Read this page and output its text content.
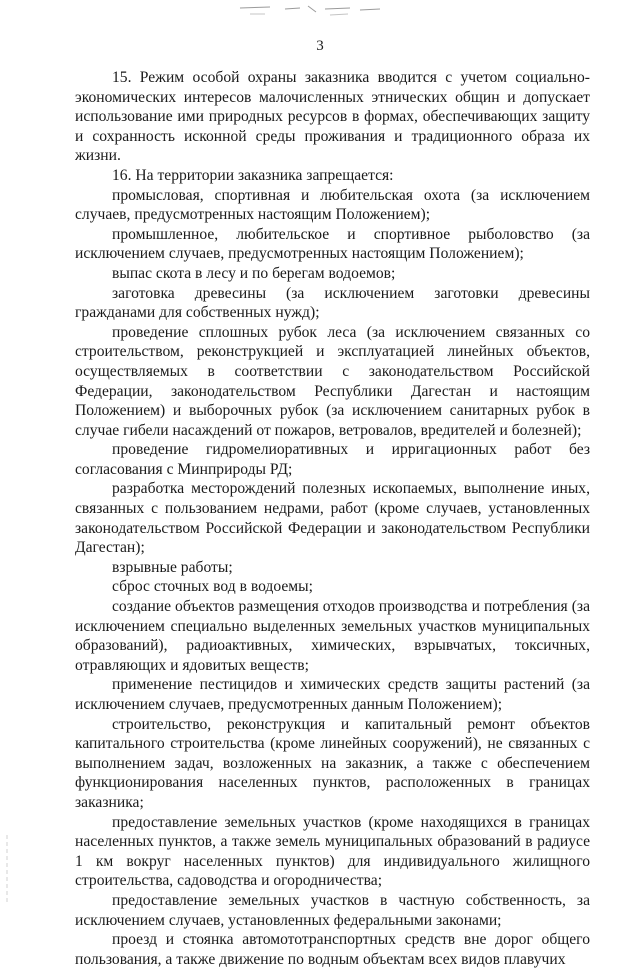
3

15. Режим особой охраны заказника вводится с учетом социально-экономических интересов малочисленных этнических общин и допускает использование ими природных ресурсов в формах, обеспечивающих защиту и сохранность исконной среды проживания и традиционного образа их жизни.

16. На территории заказника запрещается:

промысловая, спортивная и любительская охота (за исключением случаев, предусмотренных настоящим Положением);

промышленное, любительское и спортивное рыболовство (за исключением случаев, предусмотренных настоящим Положением);

выпас скота в лесу и по берегам водоемов;

заготовка древесины (за исключением заготовки древесины гражданами для собственных нужд);

проведение сплошных рубок леса (за исключением связанных со строительством, реконструкцией и эксплуатацией линейных объектов, осуществляемых в соответствии с законодательством Российской Федерации, законодательством Республики Дагестан и настоящим Положением) и выборочных рубок (за исключением санитарных рубок в случае гибели насаждений от пожаров, ветровалов, вредителей и болезней);

проведение гидромелиоративных и ирригационных работ без согласования с Минприроды РД;

разработка месторождений полезных ископаемых, выполнение иных, связанных с пользованием недрами, работ (кроме случаев, установленных законодательством Российской Федерации и законодательством Республики Дагестан);

взрывные работы;

сброс сточных вод в водоемы;

создание объектов размещения отходов производства и потребления (за исключением специально выделенных земельных участков муниципальных образований), радиоактивных, химических, взрывчатых, токсичных, отравляющих и ядовитых веществ;

применение пестицидов и химических средств защиты растений (за исключением случаев, предусмотренных данным Положением);

строительство, реконструкция и капитальный ремонт объектов капитального строительства (кроме линейных сооружений), не связанных с выполнением задач, возложенных на заказник, а также с обеспечением функционирования населенных пунктов, расположенных в границах заказника;

предоставление земельных участков (кроме находящихся в границах населенных пунктов, а также земель муниципальных образований в радиусе 1 км вокруг населенных пунктов) для индивидуального жилищного строительства, садоводства и огородничества;

предоставление земельных участков в частную собственность, за исключением случаев, установленных федеральными законами;

проезд и стоянка автомототранспортных средств вне дорог общего пользования, а также движение по водным объектам всех видов плавучих
